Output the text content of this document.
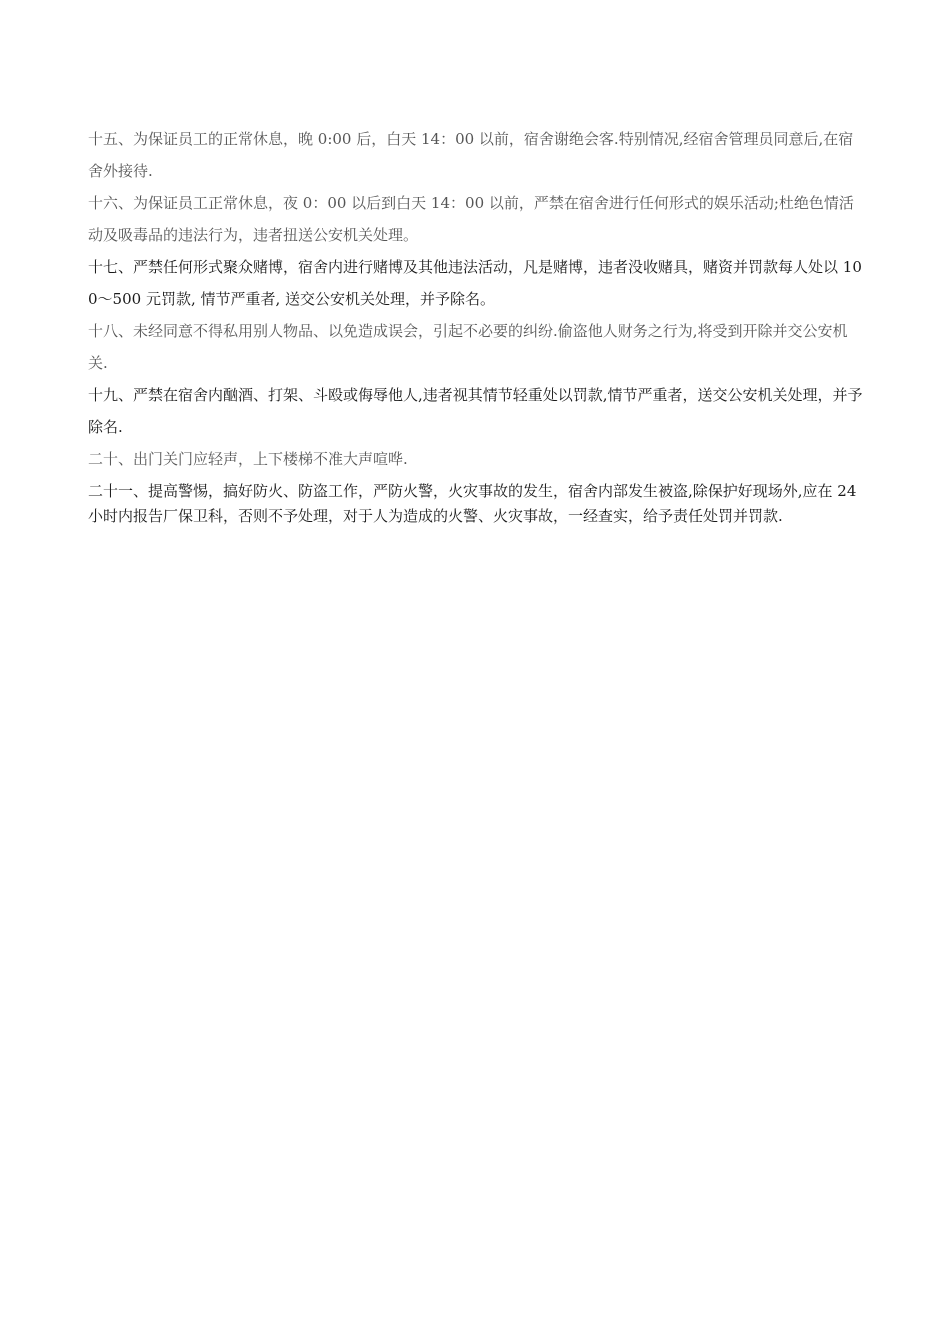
十五、为保证员工的正常休息，晚 0:00 后，白天 14：00 以前，宿舍谢绝会客.特别情况,经宿舍管理员同意后,在宿舍外接待.

十六、为保证员工正常休息，夜 0：00 以后到白天 14：00 以前，严禁在宿舍进行任何形式的娱乐活动;杜绝色情活动及吸毒品的违法行为，违者扭送公安机关处理。

十七、严禁任何形式聚众赌博，宿舍内进行赌博及其他违法活动，凡是赌博，违者没收赌具，赌资并罚款每人处以 100～500 元罚款, 情节严重者, 送交公安机关处理，并予除名。

十八、未经同意不得私用别人物品、以免造成误会，引起不必要的纠纷.偷盗他人财务之行为,将受到开除并交公安机关.

十九、严禁在宿舍内酗酒、打架、斗殴或侮辱他人,违者视其情节轻重处以罚款,情节严重者，送交公安机关处理，并予除名.

二十、出门关门应轻声，上下楼梯不准大声喧哗.

二十一、提高警惕，搞好防火、防盗工作，严防火警，火灾事故的发生，宿舍内部发生被盗,除保护好现场外,应在 24 小时内报告厂保卫科，否则不予处理，对于人为造成的火警、火灾事故，一经查实，给予责任处罚并罚款.
